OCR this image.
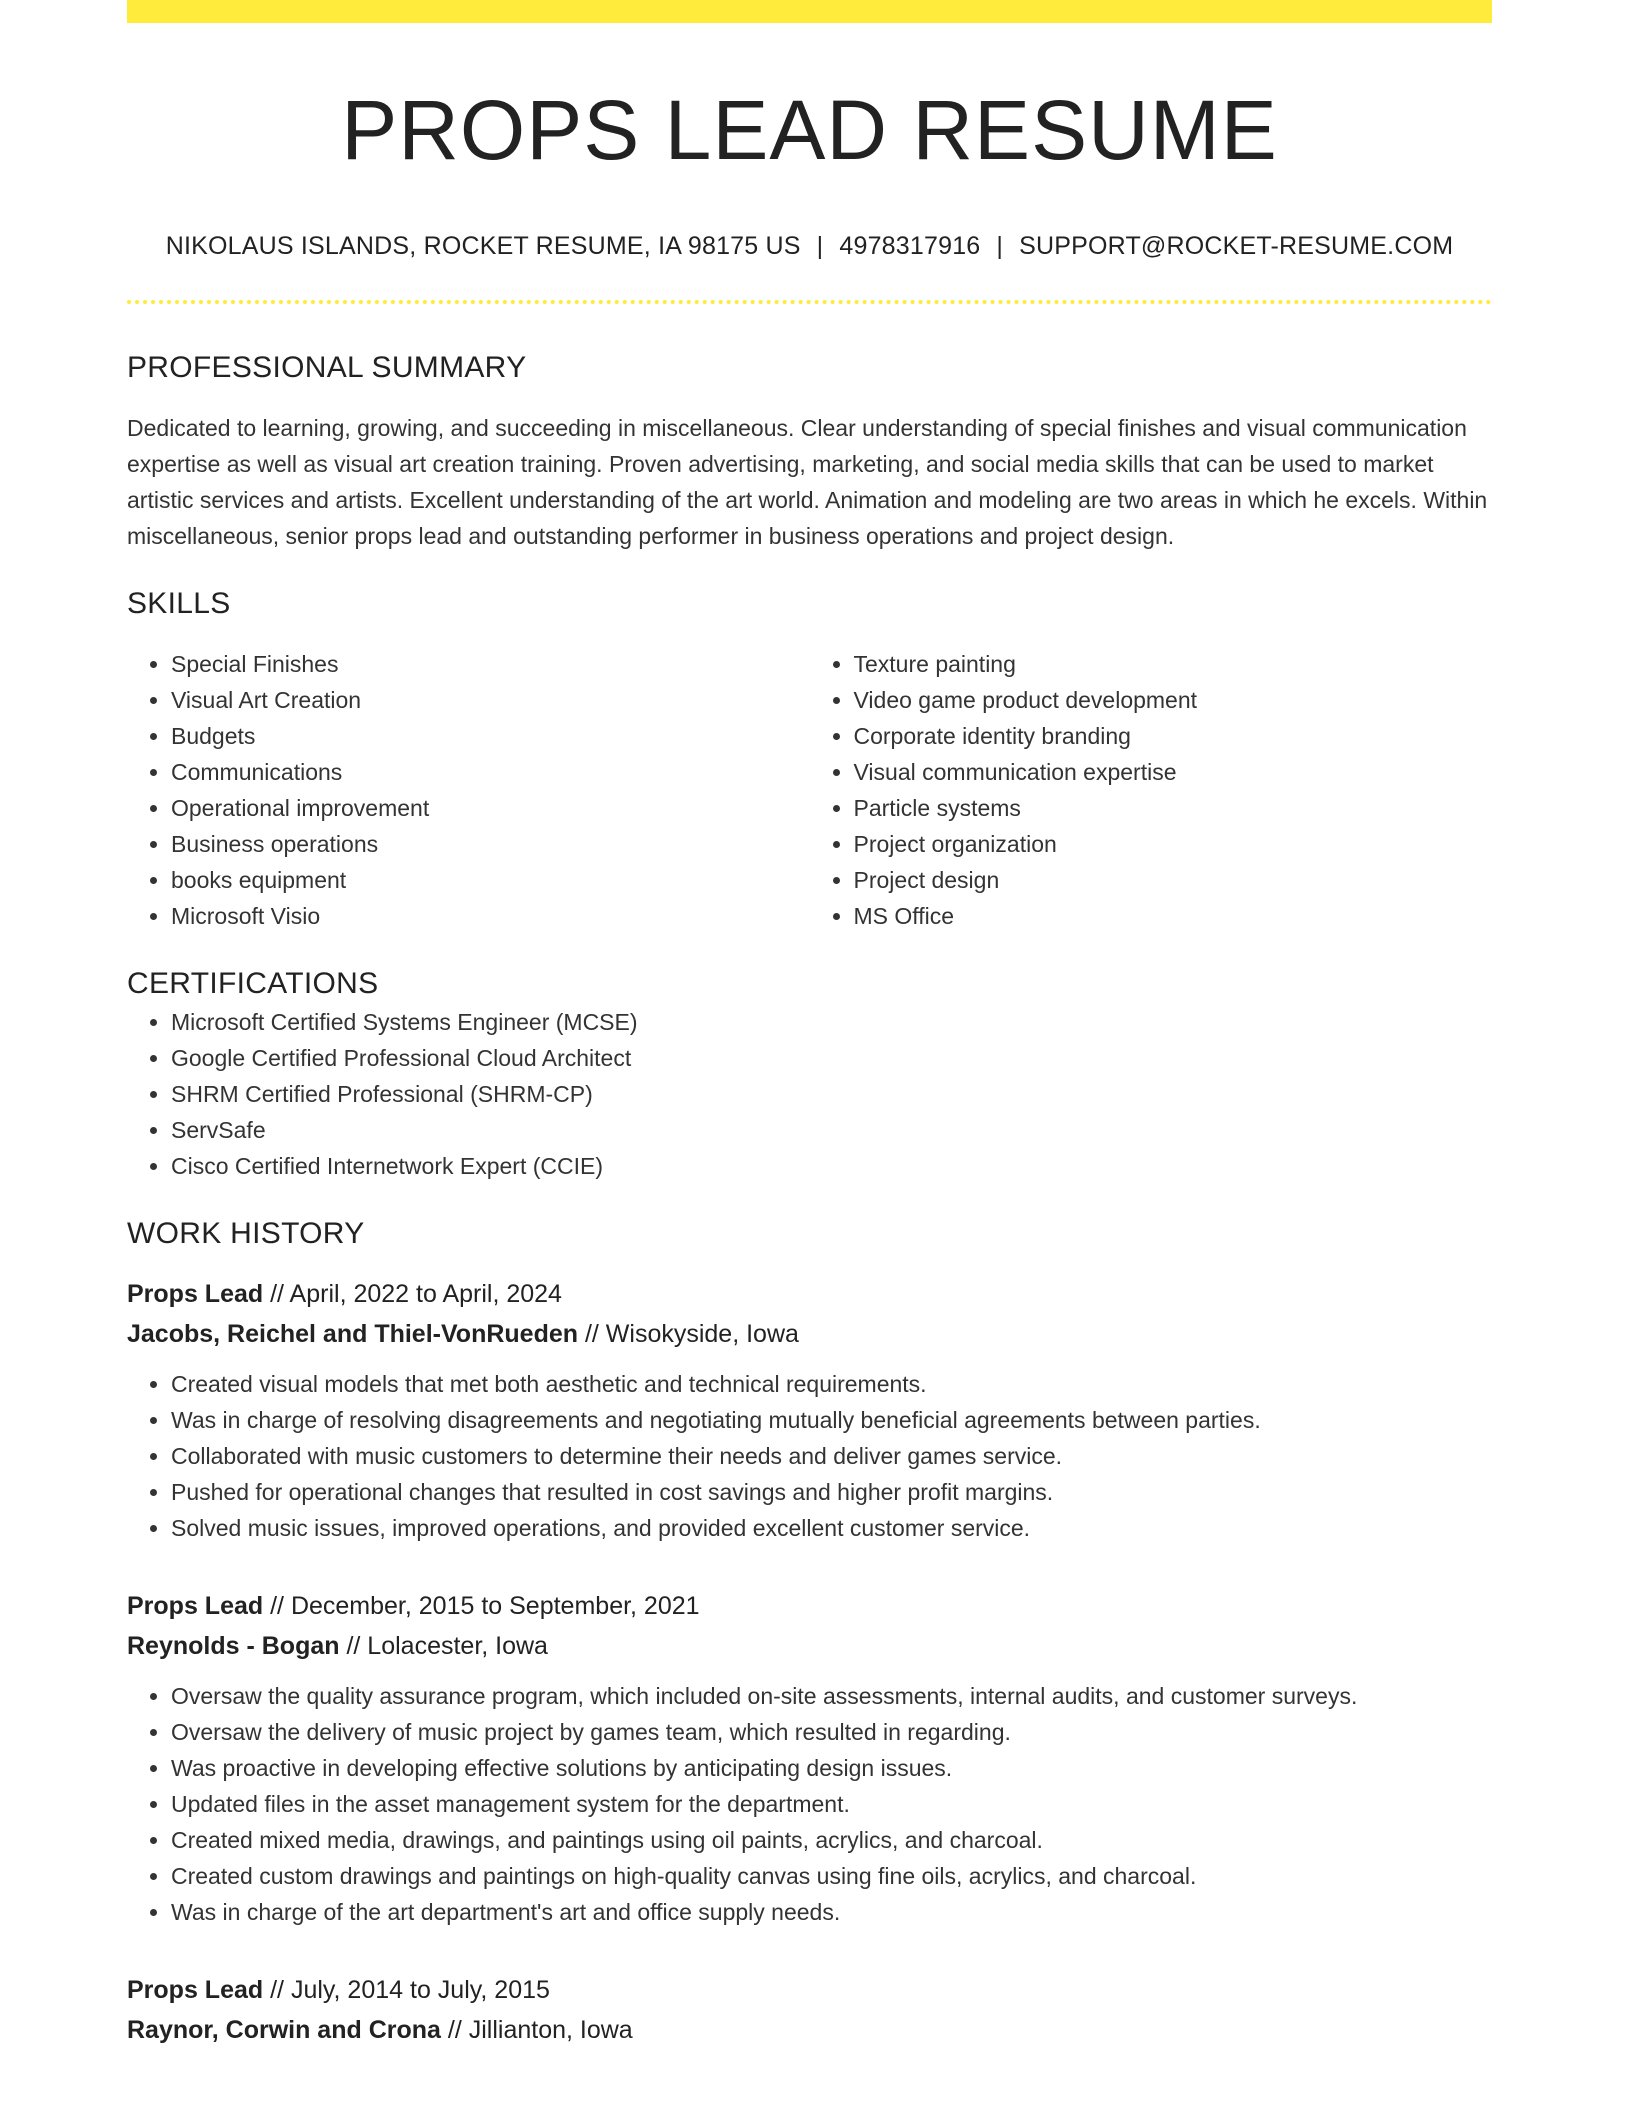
PROPS LEAD RESUME
NIKOLAUS ISLANDS, ROCKET RESUME, IA 98175 US | 4978317916 | SUPPORT@ROCKET-RESUME.COM
PROFESSIONAL SUMMARY

Dedicated to learning, growing, and succeeding in miscellaneous. Clear understanding of special finishes and visual communication expertise as well as visual art creation training. Proven advertising, marketing, and social media skills that can be used to market artistic services and artists. Excellent understanding of the art world. Animation and modeling are two areas in which he excels. Within miscellaneous, senior props lead and outstanding performer in business operations and project design.

SKILLS
• Special Finishes
• Visual Art Creation
• Budgets
• Communications
• Operational improvement
• Business operations
• books equipment
• Microsoft Visio
• Texture painting
• Video game product development
• Corporate identity branding
• Visual communication expertise
• Particle systems
• Project organization
• Project design
• MS Office
CERTIFICATIONS
• Microsoft Certified Systems Engineer (MCSE)
• Google Certified Professional Cloud Architect
• SHRM Certified Professional (SHRM-CP)
• ServSafe
• Cisco Certified Internetwork Expert (CCIE)
WORK HISTORY
Props Lead // April, 2022 to April, 2024
Jacobs, Reichel and Thiel-VonRueden // Wisokyside, Iowa
• Created visual models that met both aesthetic and technical requirements.
• Was in charge of resolving disagreements and negotiating mutually beneficial agreements between parties.
• Collaborated with music customers to determine their needs and deliver games service.
• Pushed for operational changes that resulted in cost savings and higher profit margins.
• Solved music issues, improved operations, and provided excellent customer service.
Props Lead // December, 2015 to September, 2021
Reynolds - Bogan // Lolacester, Iowa
• Oversaw the quality assurance program, which included on-site assessments, internal audits, and customer surveys.
• Oversaw the delivery of music project by games team, which resulted in regarding.
• Was proactive in developing effective solutions by anticipating design issues.
• Updated files in the asset management system for the department.
• Created mixed media, drawings, and paintings using oil paints, acrylics, and charcoal.
• Created custom drawings and paintings on high-quality canvas using fine oils, acrylics, and charcoal.
• Was in charge of the art department's art and office supply needs.
Props Lead // July, 2014 to July, 2015
Raynor, Corwin and Crona // Jillianton, Iowa
